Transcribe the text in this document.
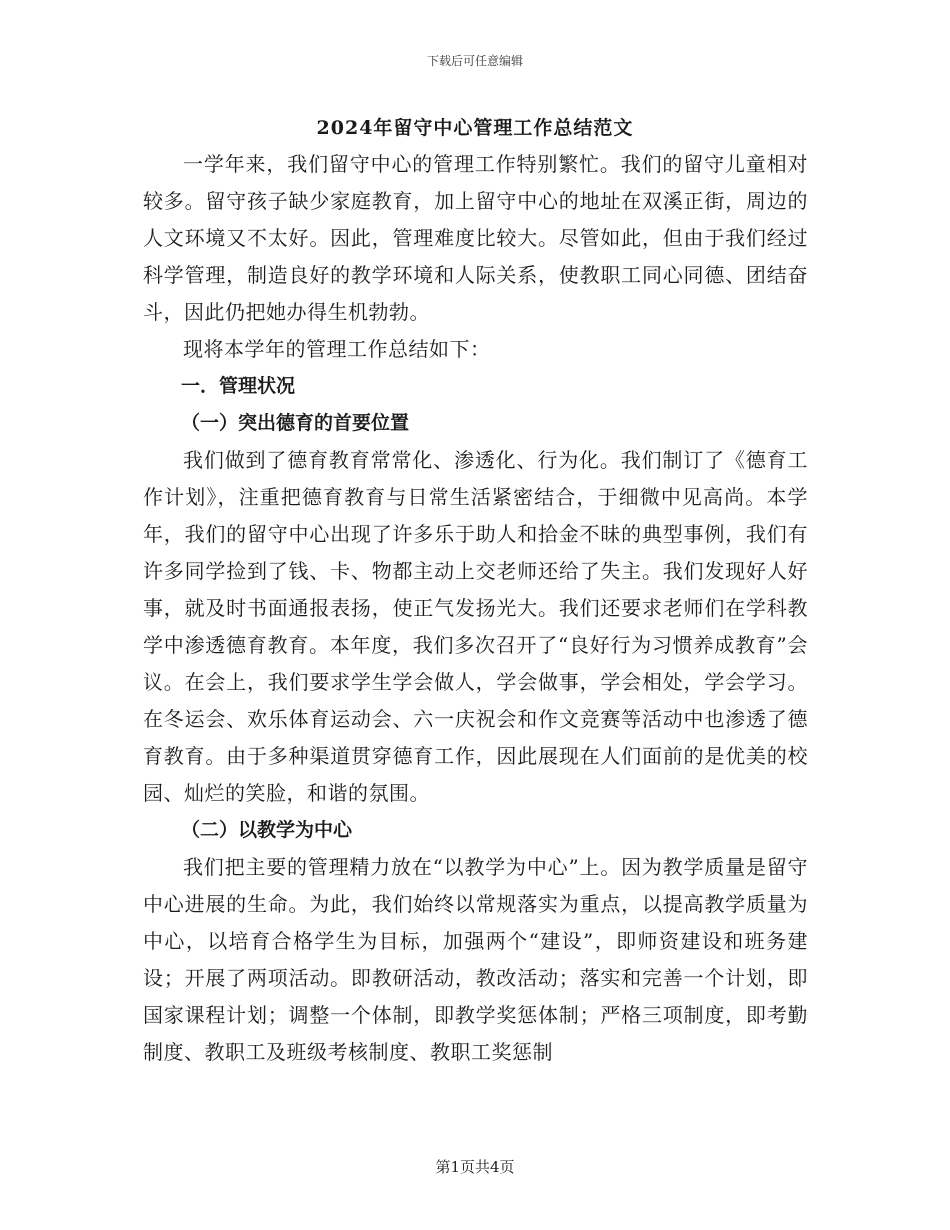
下载后可任意编辑
2024年留守中心管理工作总结范文

一学年来，我们留守中心的管理工作特别繁忙。我们的留守儿童相对较多。留守孩子缺少家庭教育，加上留守中心的地址在双溪正街，周边的人文环境又不太好。因此，管理难度比较大。尽管如此，但由于我们经过科学管理，制造良好的教学环境和人际关系，使教职工同心同德、团结奋斗，因此仍把她办得生机勃勃。

现将本学年的管理工作总结如下：

一．管理状况

（一）突出德育的首要位置

我们做到了德育教育常常化、渗透化、行为化。我们制订了《德育工作计划》，注重把德育教育与日常生活紧密结合，于细微中见高尚。本学年，我们的留守中心出现了许多乐于助人和拾金不昧的典型事例，我们有许多同学捡到了钱、卡、物都主动上交老师还给了失主。我们发现好人好事，就及时书面通报表扬，使正气发扬光大。我们还要求老师们在学科教学中渗透德育教育。本年度，我们多次召开了“良好行为习惯养成教育”会议。在会上，我们要求学生学会做人，学会做事，学会相处，学会学习。在冬运会、欢乐体育运动会、六一庆祝会和作文竞赛等活动中也渗透了德育教育。由于多种渠道贯穿德育工作，因此展现在人们面前的是优美的校园、灿烂的笑脸，和谐的氛围。

（二）以教学为中心

我们把主要的管理精力放在“以教学为中心”上。因为教学质量是留守中心进展的生命。为此，我们始终以常规落实为重点，以提高教学质量为中心，以培育合格学生为目标，加强两个“建设”，即师资建设和班务建设；开展了两项活动。即教研活动，教改活动；落实和完善一个计划，即国家课程计划；调整一个体制，即教学奖惩体制；严格三项制度，即考勤制度、教职工及班级考核制度、教职工奖惩制

第1页共4页
